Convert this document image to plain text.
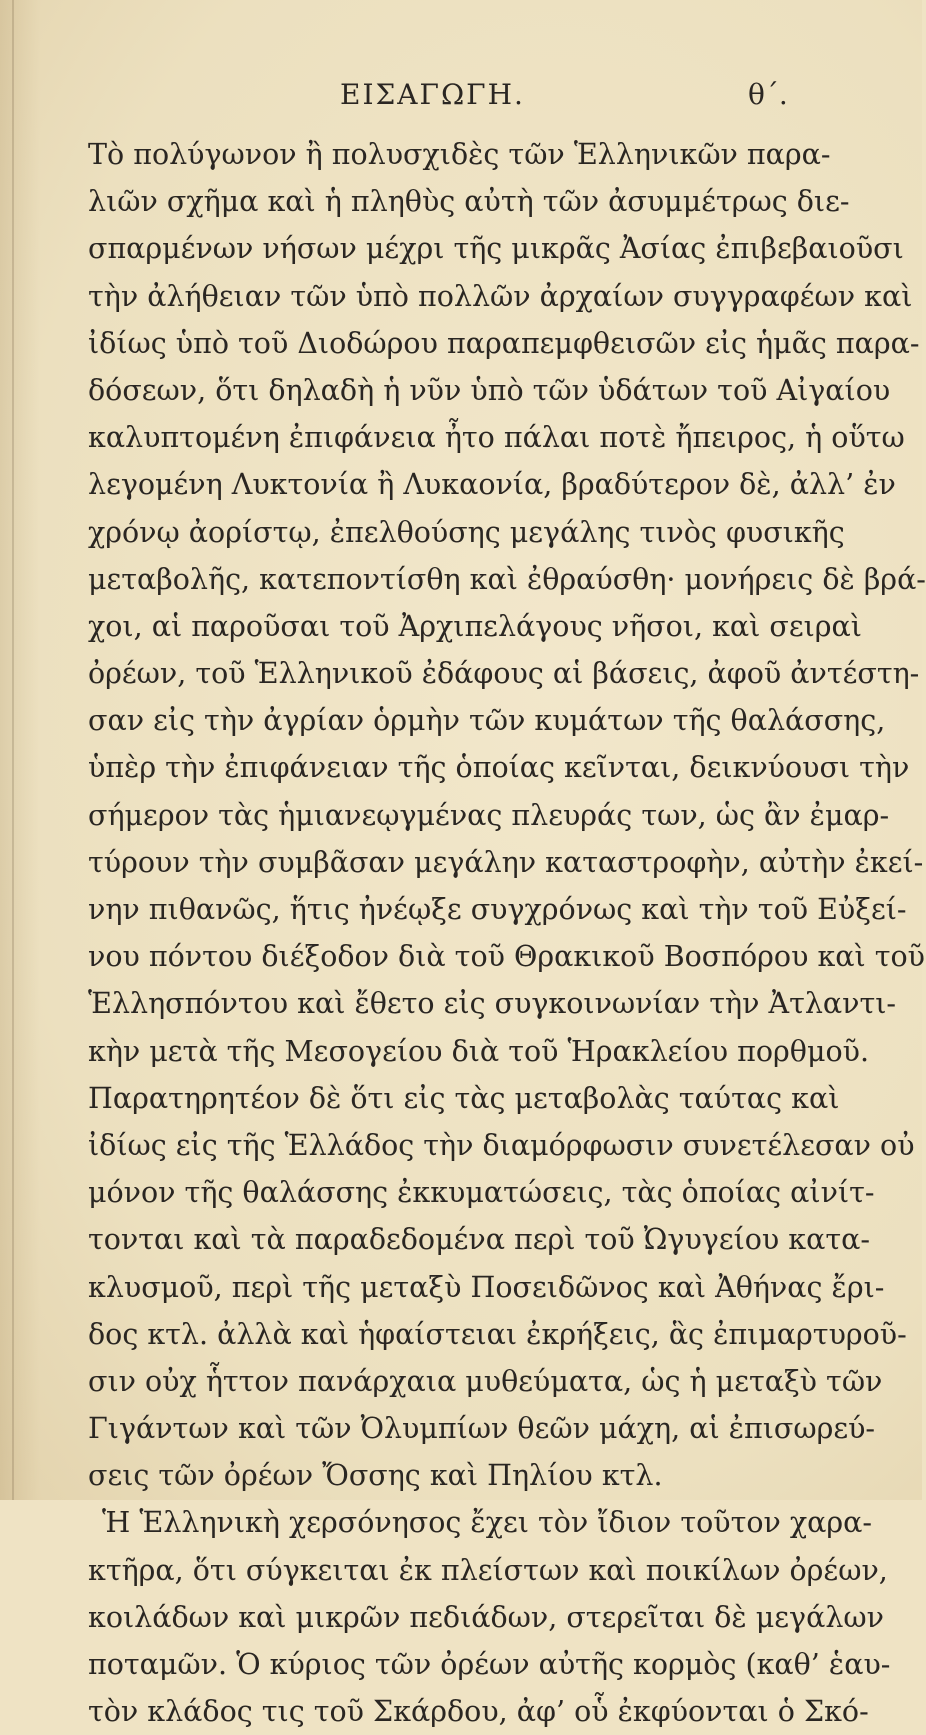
ΕΙΣΑΓΩΓΗ.	θ΄.
Τὸ πολύγωνον ἢ πολυσχιδὲς τῶν Ἑλληνικῶν παρα-
λιῶν σχῆμα καὶ ἡ πληθὺς αὐτὴ τῶν ἀσυμμέτρως διε-
σπαρμένων νήσων μέχρι τῆς μικρᾶς Ἀσίας ἐπιβεβαιοῦσι
τὴν ἀλήθειαν τῶν ὑπὸ πολλῶν ἀρχαίων συγγραφέων καὶ
ἰδίως ὑπὸ τοῦ Διοδώρου παραπεμφθεισῶν εἰς ἡμᾶς παρα-
δόσεων, ὅτι δηλαδὴ ἡ νῦν ὑπὸ τῶν ὑδάτων τοῦ Αἰγαίου
καλυπτομένη ἐπιφάνεια ἦτο πάλαι ποτὲ ἤπειρος, ἡ οὕτω
λεγομένη Λυκτονία ἢ Λυκαονία, βραδύτερον δὲ, ἀλλ’ ἐν
χρόνῳ ἀορίστῳ, ἐπελθούσης μεγάλης τινὸς φυσικῆς
μεταβολῆς, κατεποντίσθη καὶ ἐθραύσθη· μονήρεις δὲ βρά-
χοι, αἱ παροῦσαι τοῦ Ἀρχιπελάγους νῆσοι, καὶ σειραὶ
ὀρέων, τοῦ Ἑλληνικοῦ ἐδάφους αἱ βάσεις, ἀφοῦ ἀντέστη-
σαν εἰς τὴν ἀγρίαν ὁρμὴν τῶν κυμάτων τῆς θαλάσσης,
ὑπὲρ τὴν ἐπιφάνειαν τῆς ὁποίας κεῖνται, δεικνύουσι τὴν
σήμερον τὰς ἡμιανεῳγμένας πλευράς των, ὡς ἂν ἐμαρ-
τύρουν τὴν συμβᾶσαν μεγάλην καταστροφὴν, αὐτὴν ἐκεί-
νην πιθανῶς, ἥτις ἠνέῳξε συγχρόνως καὶ τὴν τοῦ Εὐξεί-
νου πόντου διέξοδον διὰ τοῦ Θρακικοῦ Βοσπόρου καὶ τοῦ
Ἑλλησπόντου καὶ ἔθετο εἰς συγκοινωνίαν τὴν Ἀτλαντι-
κὴν μετὰ τῆς Μεσογείου διὰ τοῦ Ἡρακλείου πορθμοῦ.
Παρατηρητέον δὲ ὅτι εἰς τὰς μεταβολὰς ταύτας καὶ
ἰδίως εἰς τῆς Ἑλλάδος τὴν διαμόρφωσιν συνετέλεσαν οὐ
μόνον τῆς θαλάσσης ἐκκυματώσεις, τὰς ὁποίας αἰνίτ-
τονται καὶ τὰ παραδεδομένα περὶ τοῦ Ὠγυγείου κατα-
κλυσμοῦ, περὶ τῆς μεταξὺ Ποσειδῶνος καὶ Ἀθήνας ἔρι-
δος κτλ. ἀλλὰ καὶ ἡφαίστειαι ἐκρήξεις, ἃς ἐπιμαρτυροῦ-
σιν οὐχ ἧττον πανάρχαια μυθεύματα, ὡς ἡ μεταξὺ τῶν
Γιγάντων καὶ τῶν Ὀλυμπίων θεῶν μάχη, αἱ ἐπισωρεύ-
σεις τῶν ὀρέων Ὄσσης καὶ Πηλίου κτλ.
Ἡ Ἑλληνικὴ χερσόνησος ἔχει τὸν ἴδιον τοῦτον χαρα-
κτῆρα, ὅτι σύγκειται ἐκ πλείστων καὶ ποικίλων ὀρέων,
κοιλάδων καὶ μικρῶν πεδιάδων, στερεῖται δὲ μεγάλων
ποταμῶν. Ὁ κύριος τῶν ὀρέων αὐτῆς κορμὸς (καθ’ ἑαυ-
τὸν κλάδος τις τοῦ Σκάρδου, ἀφ’ οὗ ἐκφύονται ὁ Σκό-
